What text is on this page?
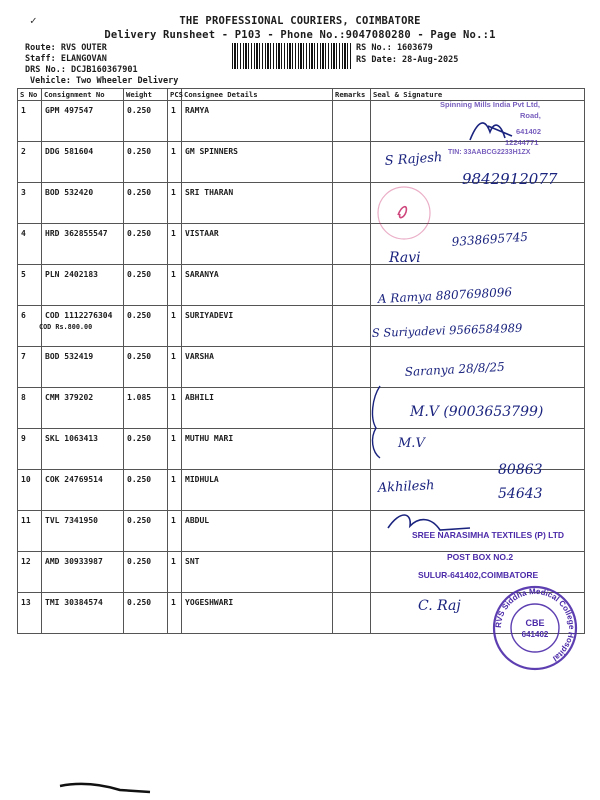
✓	THE PROFESSIONAL COURIERS, COIMBATORE
Delivery Runsheet - P103 - Phone No.:9047080280 - Page No.:1
Route: RVS OUTER
Staff: ELANGOVAN
DRS No.: DCJB160367901
Vehicle: Two Wheeler Delivery
RS No.: 1603679
RS Date: 28-Aug-2025
S No	Consignment No	Weight	PCS	Consignee Details	Remarks	Seal & Signature
1	GPM 497547	0.250	1	RAMYA		
2	DDG 581604	0.250	1	GM SPINNERS		
3	BOD 532420	0.250	1	SRI THARAN		
4	HRD 362855547	0.250	1	VISTAAR		
5	PLN 2402183	0.250	1	SARANYA		
6	COD 1112276304	0.250	1	SURIYADEVI		
7	BOD 532419	0.250	1	VARSHA		
8	CMM 379202	1.085	1	ABHILI		
9	SKL 1063413	0.250	1	MUTHU MARI		
10	COK 24769514	0.250	1	MIDHULA		
11	TVL 7341950	0.250	1	ABDUL		
12	AMD 30933987	0.250	1	SNT		
13	TMI 30384574	0.250	1	YOGESHWARI		
COD Rs.800.00
Spinning Mills India Pvt Ltd,
Road,
641402
12244771
TIN: 33AABCG2233H1ZX
S Rajesh
9842912077
Ravi
9338695745
A Ramya 8807698096
S Suriyadevi 9566584989
Saranya 28/8/25
M.V (9003653799)
M.V
Akhilesh
80863
54643
SREE NARASIMHA TEXTILES (P) LTD
POST BOX NO.2
SULUR-641402,COIMBATORE
C. Raj
RVS Siddha Medical College Hospital
CBE
641402
